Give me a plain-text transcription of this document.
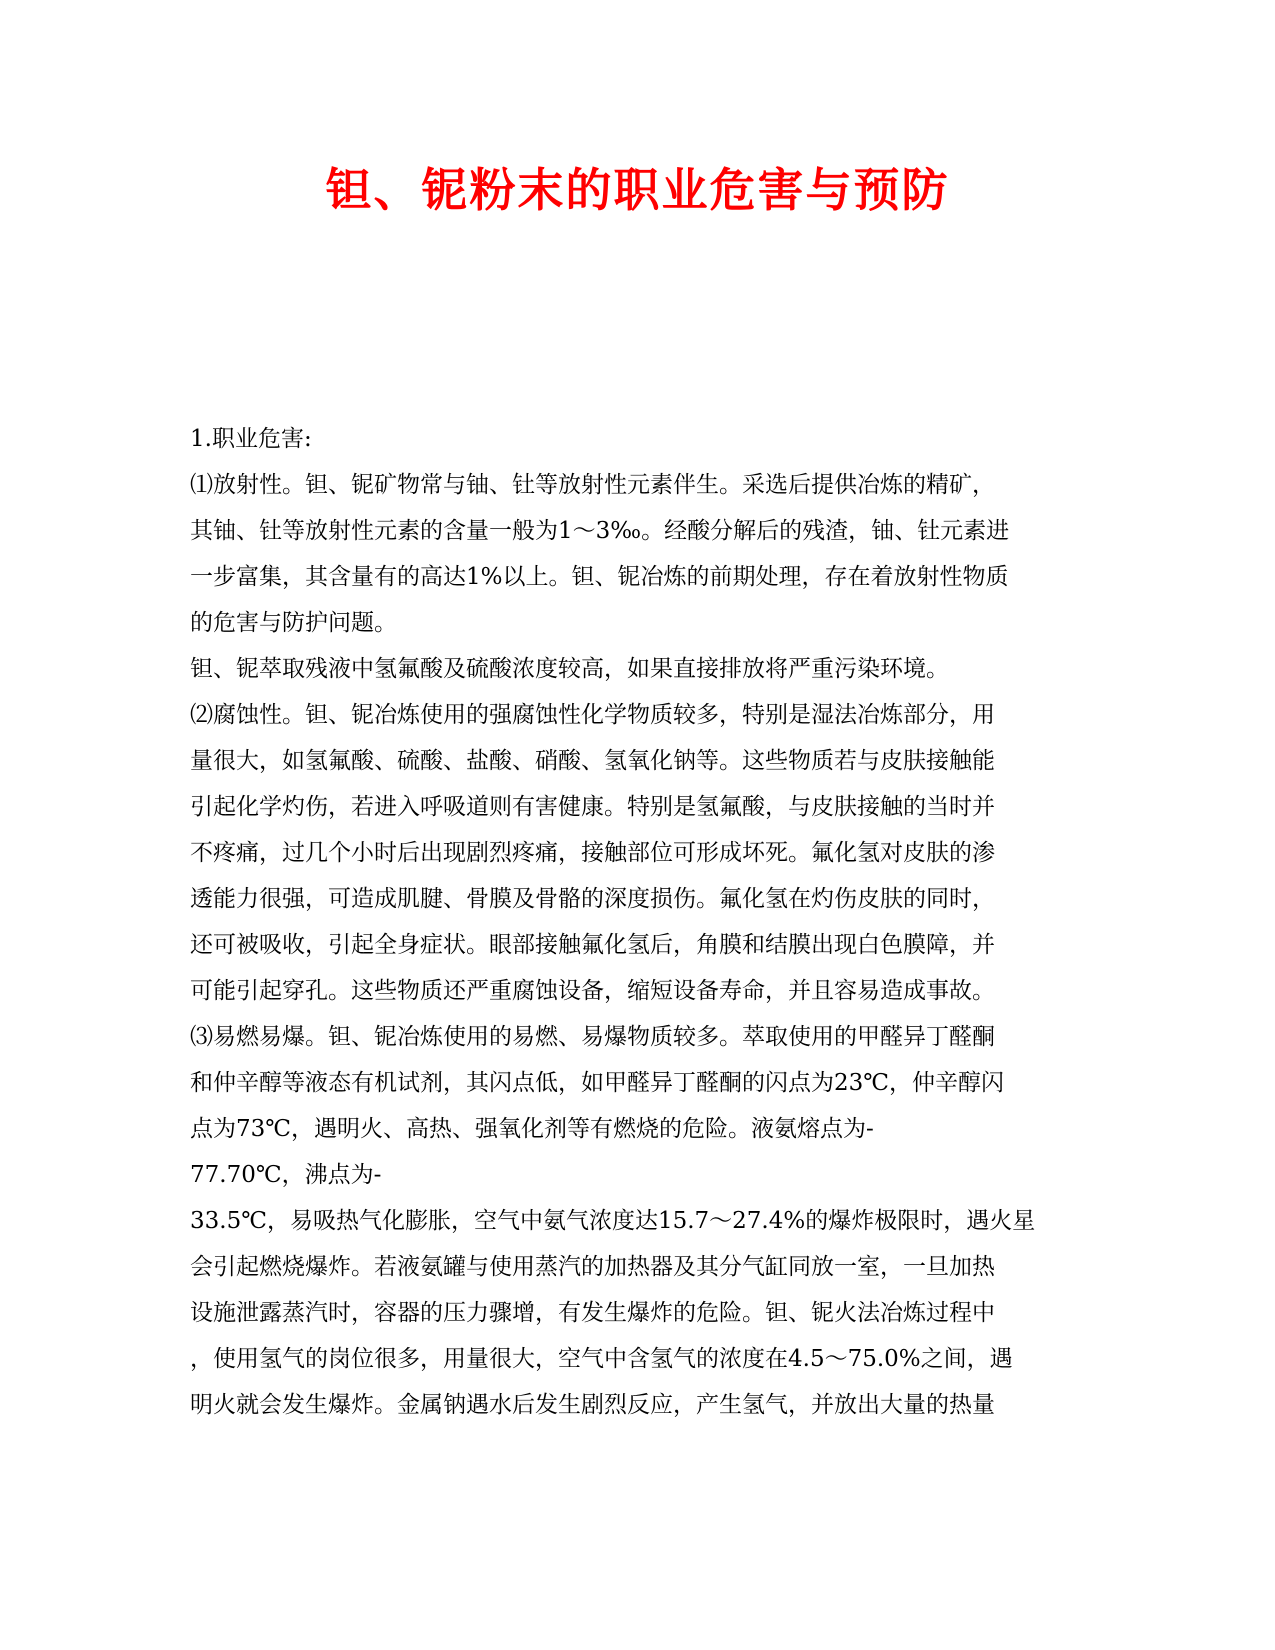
钽、铌粉末的职业危害与预防
1.职业危害:
⑴放射性。钽、铌矿物常与铀、钍等放射性元素伴生。采选后提供冶炼的精矿，
其铀、钍等放射性元素的含量一般为1～3‰。经酸分解后的残渣，铀、钍元素进
一步富集，其含量有的高达1%以上。钽、铌冶炼的前期处理，存在着放射性物质
的危害与防护问题。
钽、铌萃取残液中氢氟酸及硫酸浓度较高，如果直接排放将严重污染环境。
⑵腐蚀性。钽、铌冶炼使用的强腐蚀性化学物质较多，特别是湿法冶炼部分，用
量很大，如氢氟酸、硫酸、盐酸、硝酸、氢氧化钠等。这些物质若与皮肤接触能
引起化学灼伤，若进入呼吸道则有害健康。特别是氢氟酸，与皮肤接触的当时并
不疼痛，过几个小时后出现剧烈疼痛，接触部位可形成坏死。氟化氢对皮肤的渗
透能力很强，可造成肌腱、骨膜及骨骼的深度损伤。氟化氢在灼伤皮肤的同时，
还可被吸收，引起全身症状。眼部接触氟化氢后，角膜和结膜出现白色膜障，并
可能引起穿孔。这些物质还严重腐蚀设备，缩短设备寿命，并且容易造成事故。
⑶易燃易爆。钽、铌冶炼使用的易燃、易爆物质较多。萃取使用的甲醛异丁醛酮
和仲辛醇等液态有机试剂，其闪点低，如甲醛异丁醛酮的闪点为23℃，仲辛醇闪
点为73℃，遇明火、高热、强氧化剂等有燃烧的危险。液氨熔点为-
77.70℃，沸点为-
33.5℃，易吸热气化膨胀，空气中氨气浓度达15.7～27.4%的爆炸极限时，遇火星
会引起燃烧爆炸。若液氨罐与使用蒸汽的加热器及其分气缸同放一室，一旦加热
设施泄露蒸汽时，容器的压力骤增，有发生爆炸的危险。钽、铌火法冶炼过程中
，使用氢气的岗位很多，用量很大，空气中含氢气的浓度在4.5～75.0%之间，遇
明火就会发生爆炸。金属钠遇水后发生剧烈反应，产生氢气，并放出大量的热量
